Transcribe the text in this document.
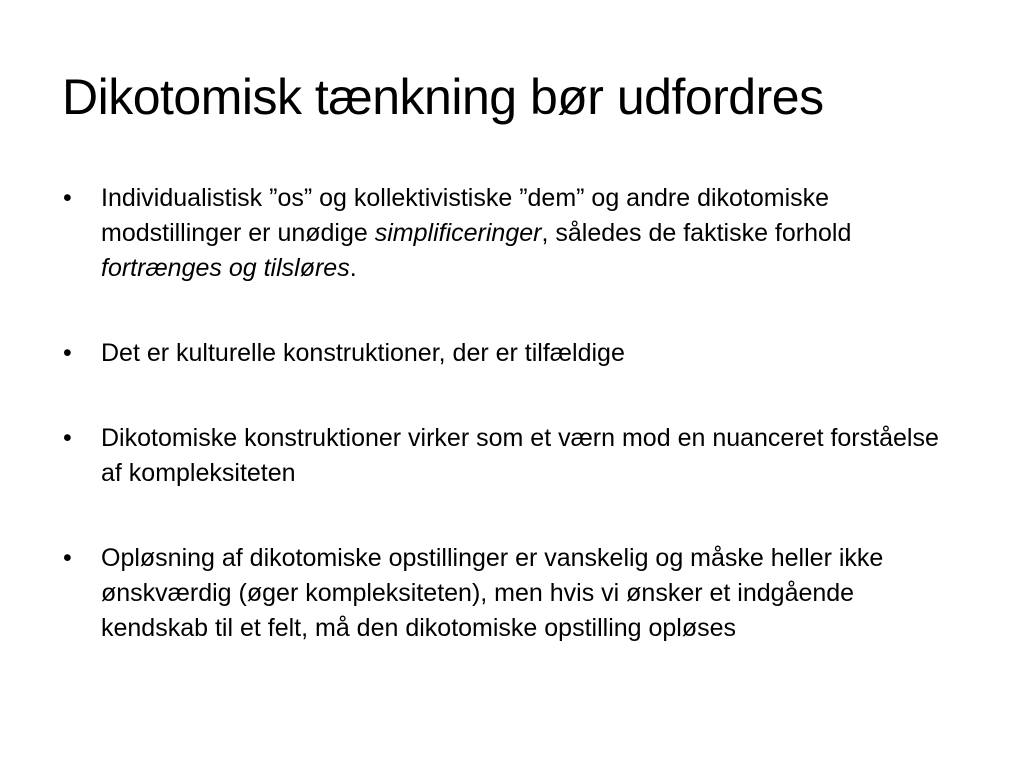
Dikotomisk tænkning bør udfordres
•	Individualistisk ”os” og kollektivistiske ”dem” og andre dikotomiske modstillinger er unødige simplificeringer, således de faktiske forhold fortrænges og tilsløres.
•	Det er kulturelle konstruktioner, der er tilfældige
•	Dikotomiske konstruktioner virker som et værn mod en nuanceret forståelse af kompleksiteten
•	Opløsning af dikotomiske opstillinger er vanskelig og måske heller ikke ønskværdig (øger kompleksiteten), men hvis vi ønsker et indgående kendskab til et felt, må den dikotomiske opstilling opløses
